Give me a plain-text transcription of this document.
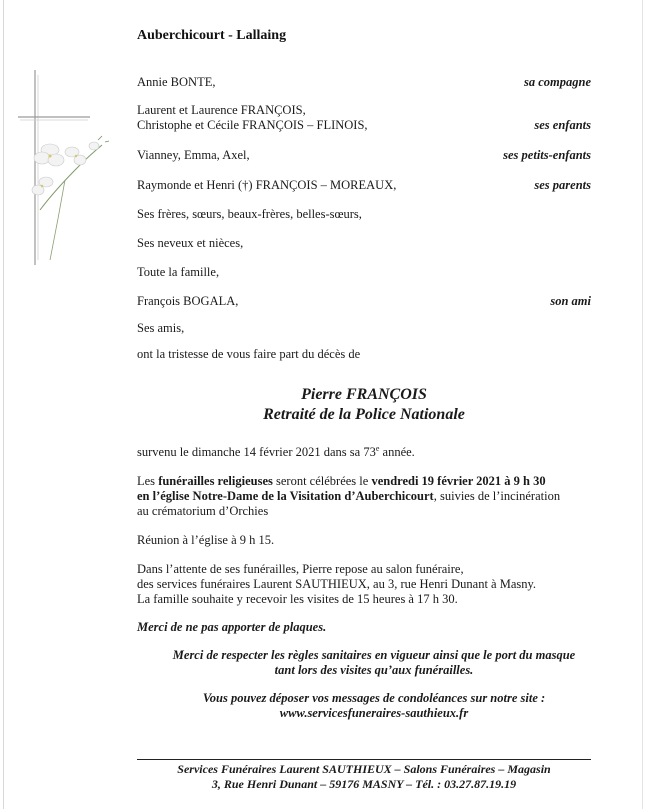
Auberchicourt - Lallaing
Annie BONTE,	sa compagne
Laurent et Laurence FRANÇOIS,
Christophe et Cécile FRANÇOIS – FLINOIS,	ses enfants
Vianney, Emma, Axel,	ses petits-enfants
Raymonde et Henri (†) FRANÇOIS – MOREAUX,	ses parents
Ses frères, sœurs, beaux-frères, belles-sœurs,
Ses neveux et nièces,
Toute la famille,
François BOGALA,	son ami
Ses amis,
ont la tristesse de vous faire part du décès de
Pierre FRANÇOIS
Retraité de la Police Nationale
survenu le dimanche 14 février 2021 dans sa 73e année.
Les funérailles religieuses seront célébrées le vendredi 19 février 2021 à 9 h 30
en l’église Notre-Dame de la Visitation d’Auberchicourt, suivies de l’incinération
au crématorium d’Orchies
Réunion à l’église à 9 h 15.
Dans l’attente de ses funérailles, Pierre repose au salon funéraire,
des services funéraires Laurent SAUTHIEUX, au 3, rue Henri Dunant à Masny.
La famille souhaite y recevoir les visites de 15 heures à 17 h 30.
Merci de ne pas apporter de plaques.
Merci de respecter les règles sanitaires en vigueur ainsi que le port du masque
tant lors des visites qu’aux funérailles.
Vous pouvez déposer vos messages de condoléances sur notre site :
www.servicesfuneraires-sauthieux.fr
Services Funéraires Laurent SAUTHIEUX – Salons Funéraires – Magasin
3, Rue Henri Dunant – 59176 MASNY – Tél. : 03.27.87.19.19
